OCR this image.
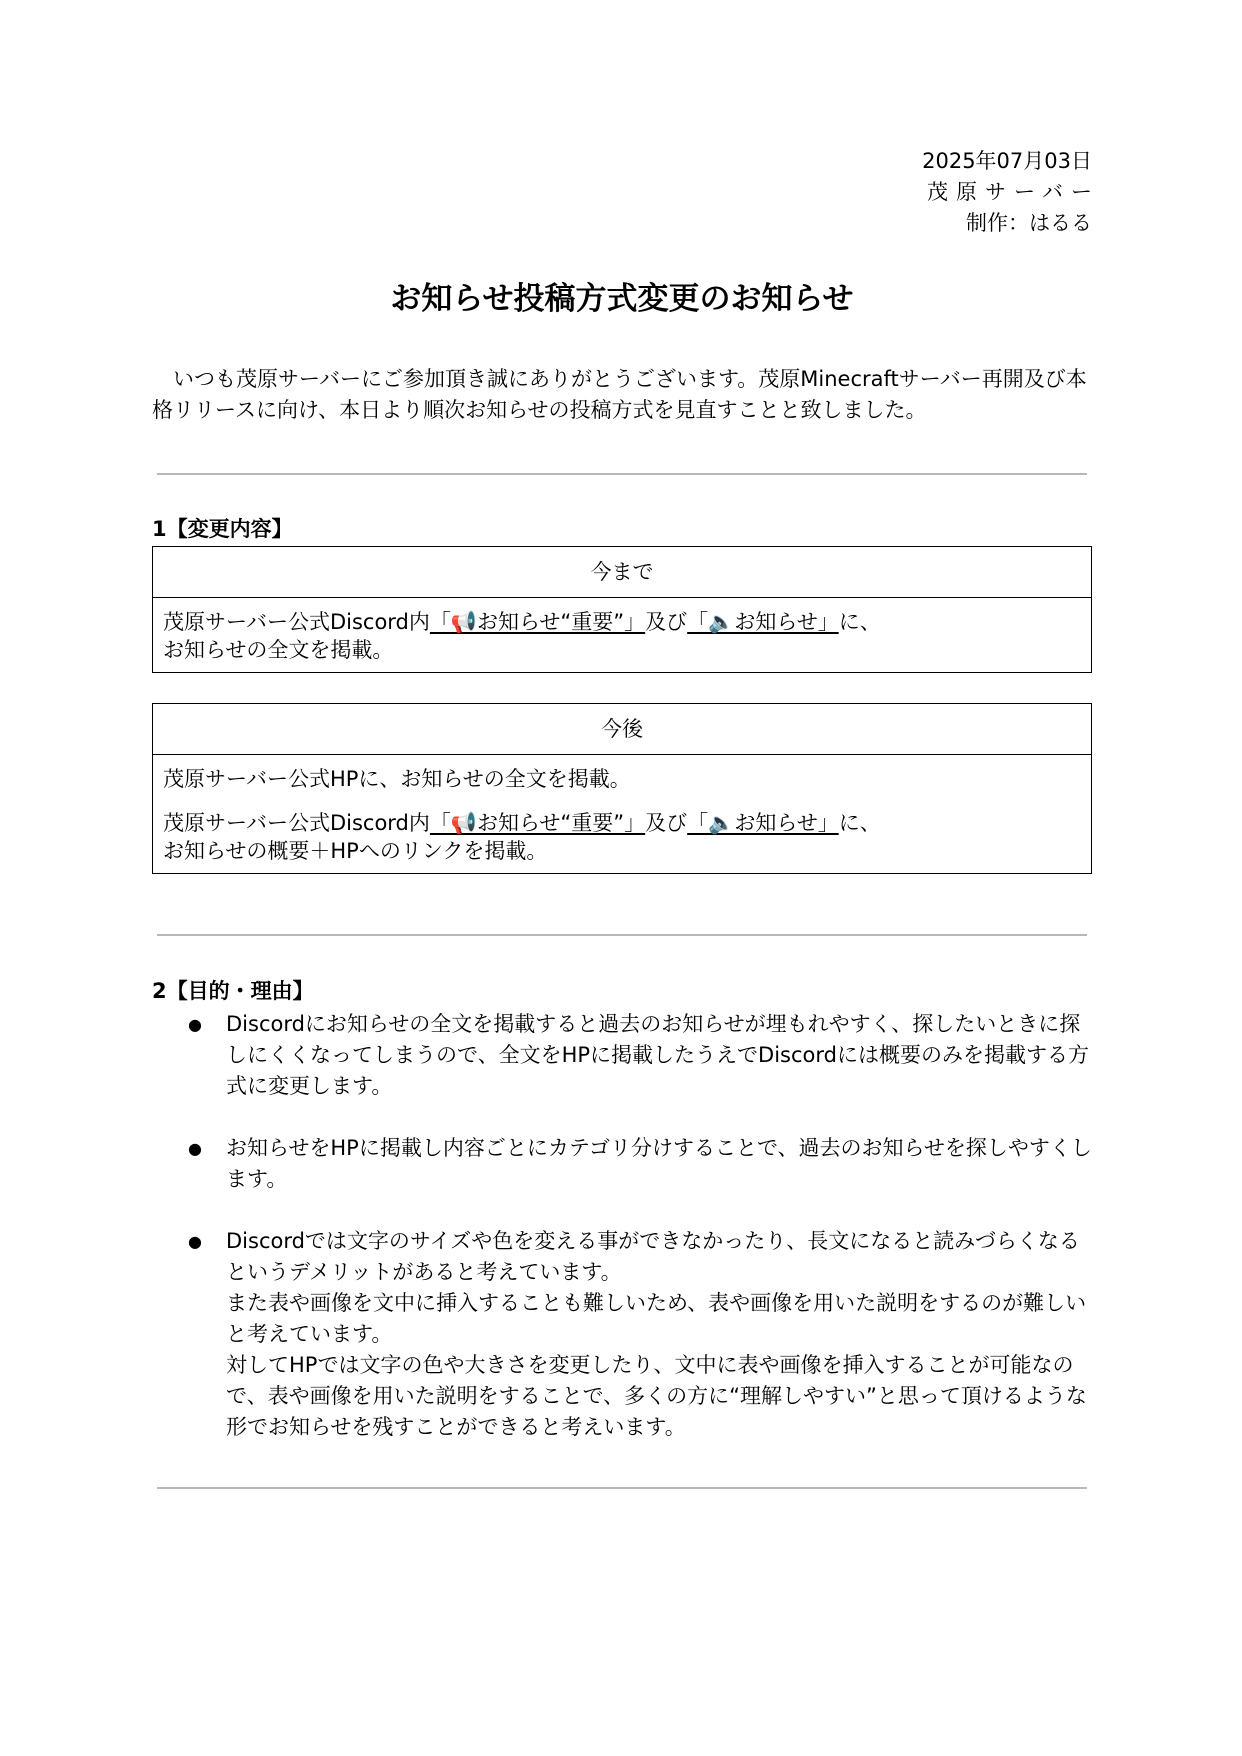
2025年07月03日
茂原サーバー
制作：はるる
お知らせ投稿方式変更のお知らせ
いつも茂原サーバーにご参加頂き誠にありがとうございます。茂原Minecraftサーバー再開及び本格リリースに向け、本日より順次お知らせの投稿方式を見直すことと致しました。
1【変更内容】
今まで

茂原サーバー公式Discord内「📢お知らせ“重要”」及び「🔈お知らせ」に、

お知らせの全文を掲載。

今後

茂原サーバー公式HPに、お知らせの全文を掲載。

茂原サーバー公式Discord内「📢お知らせ“重要”」及び「🔈お知らせ」に、

お知らせの概要＋HPへのリンクを掲載。

2【目的・理由】
● Discordにお知らせの全文を掲載すると過去のお知らせが埋もれやすく、探したいときに探しにくくなってしまうので、全文をHPに掲載したうえでDiscordには概要のみを掲載する方式に変更します。

● お知らせをHPに掲載し内容ごとにカテゴリ分けすることで、過去のお知らせを探しやすくします。

● Discordでは文字のサイズや色を変える事ができなかったり、長文になると読みづらくなるというデメリットがあると考えています。

また表や画像を文中に挿入することも難しいため、表や画像を用いた説明をするのが難しいと考えています。

対してHPでは文字の色や大きさを変更したり、文中に表や画像を挿入することが可能なので、表や画像を用いた説明をすることで、多くの方に“理解しやすい”と思って頂けるような形でお知らせを残すことができると考えいます。
